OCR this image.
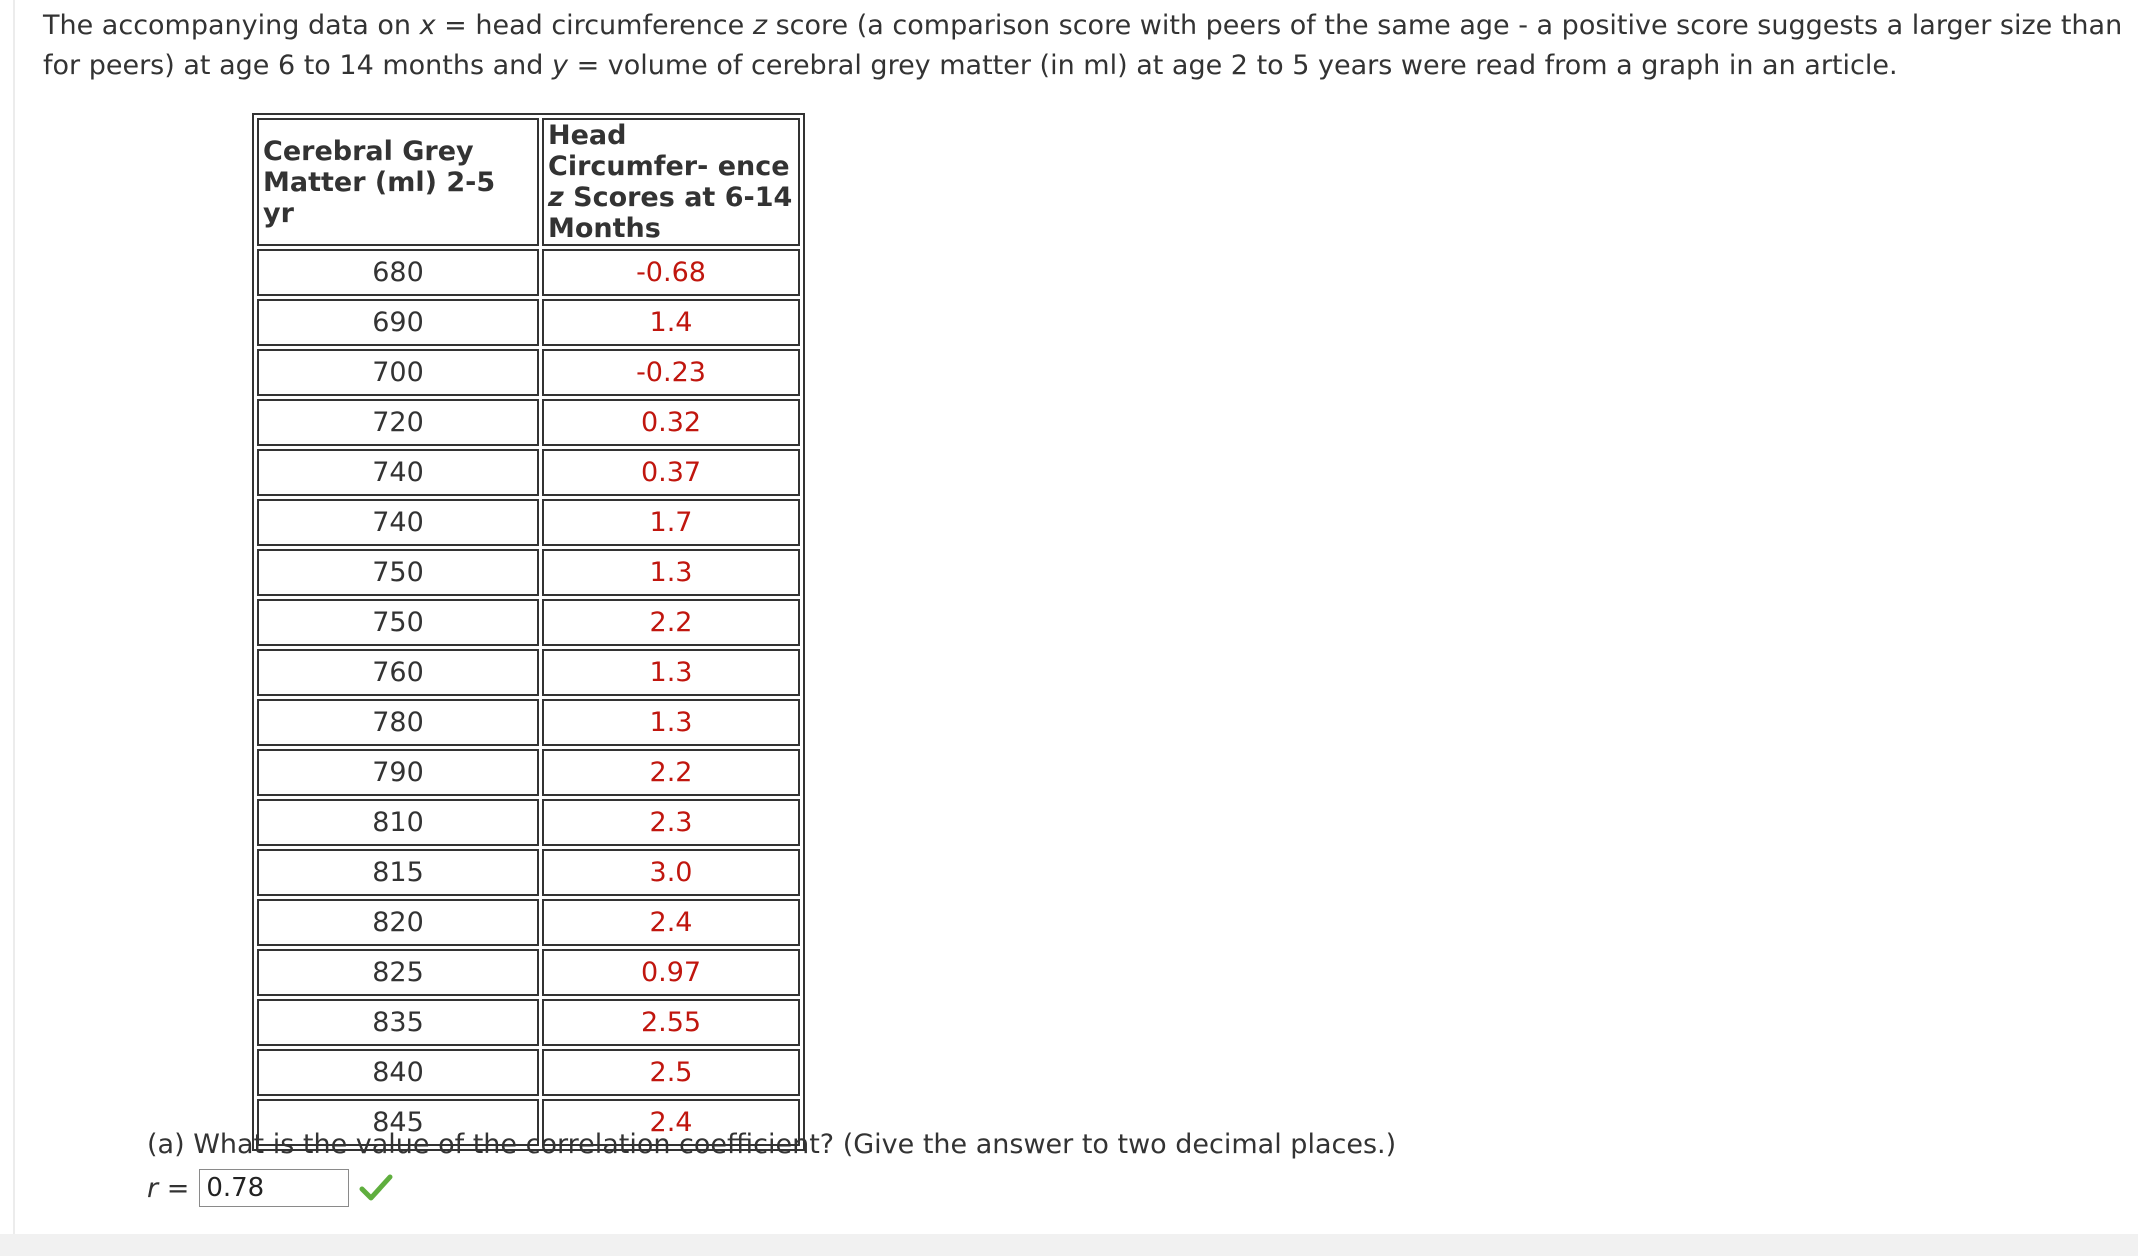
The accompanying data on x = head circumference z score (a comparison score with peers of the same age - a positive score suggests a larger size than for peers) at age 6 to 14 months and y = volume of cerebral grey matter (in ml) at age 2 to 5 years were read from a graph in an article.
Cerebral Grey Matter (ml) 2-5 yr	Head Circumfer- ence z Scores at 6-14 Months
680	-0.68
690	1.4
700	-0.23
720	0.32
740	0.37
740	1.7
750	1.3
750	2.2
760	1.3
780	1.3
790	2.2
810	2.3
815	3.0
820	2.4
825	0.97
835	2.55
840	2.5
845	2.4
(a) What is the value of the correlation coefficient? (Give the answer to two decimal places.)
r = 0.78
